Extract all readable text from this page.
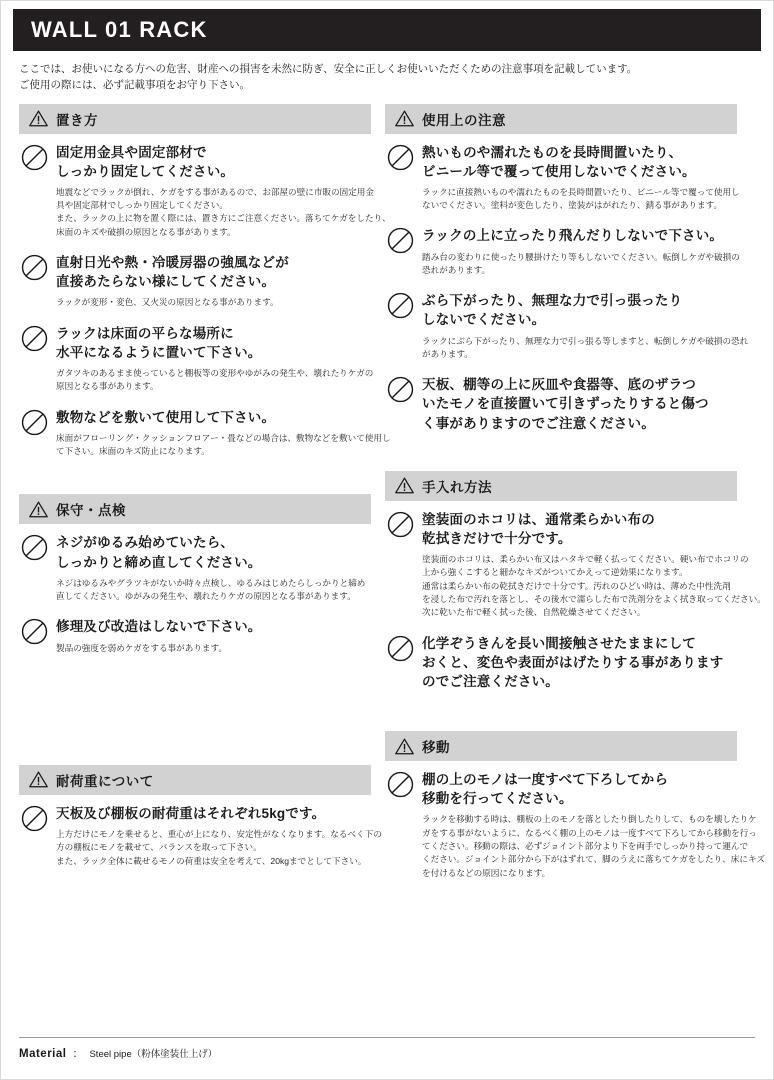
WALL 01 RACK
ここでは、お使いになる方への危害、財産への損害を未然に防ぎ、安全に正しくお使いいただくための注意事項を記載しています。
ご使用の際には、必ず記載事項をお守り下さい。
置き方
固定用金具や固定部材で
しっかり固定してください。
地震などでラックが倒れ、ケガをする事があるので、お部屋の壁に市販の固定用金
具や固定部材でしっかり固定してください。
また、ラックの上に物を置く際には、置き方にご注意ください。落ちてケガをしたり、
床面のキズや破損の原因となる事があります。
直射日光や熱・冷暖房器の強風などが
直接あたらない様にしてください。
ラックが変形・変色、又火災の原因となる事があります。
ラックは床面の平らな場所に
水平になるように置いて下さい。
ガタツキのあるまま使っていると棚板等の変形やゆがみの発生や、壊れたりケガの
原因となる事があります。
敷物などを敷いて使用して下さい。
床面がフローリング・クッションフロアー・畳などの場合は、敷物などを敷いて使用し
て下さい。床面のキズ防止になります。
保守・点検
ネジがゆるみ始めていたら、
しっかりと締め直してください。
ネジはゆるみやグラツキがないか時々点検し、ゆるみはじめたらしっかりと締め
直してください。ゆがみの発生や、壊れたりケガの原因となる事があります。
修理及び改造はしないで下さい。
製品の強度を弱めケガをする事があります。
耐荷重について
天板及び棚板の耐荷重はそれぞれ5kgです。
上方だけにモノを乗せると、重心が上になり、安定性がなくなります。なるべく下の
方の棚板にモノを載せて、バランスを取って下さい。
また、ラック全体に載せるモノの荷重は安全を考えて、20kgまでとして下さい。
使用上の注意
熱いものや濡れたものを長時間置いたり、
ビニール等で覆って使用しないでください。
ラックに直接熱いものや濡れたものを長時間置いたり、ビニール等で覆って使用し
ないでください。塗料が変色したり、塗装がはがれたり、錆る事があります。
ラックの上に立ったり飛んだりしないで下さい。
踏み台の変わりに使ったり腰掛けたり等もしないでください。転倒しケガや破損の
恐れがあります。
ぶら下がったり、無理な力で引っ張ったり
しないでください。
ラックにぶら下がったり、無理な力で引っ張る等しますと、転倒しケガや破損の恐れ
があります。
天板、棚等の上に灰皿や食器等、底のザラつ
いたモノを直接置いて引きずったりすると傷つ
く事がありますのでご注意ください。
手入れ方法
塗装面のホコリは、通常柔らかい布の
乾拭きだけで十分です。
塗装面のホコリは、柔らかい布又はハタキで軽く払ってください。硬い布でホコリの
上から強くこすると細かなキズがついてかえって逆効果になります。
通常は柔らかい布の乾拭きだけで十分です。汚れのひどい時は、薄めた中性洗剤
を浸した布で汚れを落とし、その後水で濡らした布で洗剤分をよく拭き取ってください。
次に乾いた布で軽く拭った後、自然乾燥させてください。
化学ぞうきんを長い間接触させたままにして
おくと、変色や表面がはげたりする事があります
のでご注意ください。
移動
棚の上のモノは一度すべて下ろしてから
移動を行ってください。
ラックを移動する時は、棚板の上のモノを落としたり倒したりして、ものを壊したりケ
ガをする事がないように、なるべく棚の上のモノは一度すべて下ろしてから移動を行っ
てください。移動の際は、必ずジョイント部分より下を両手でしっかり持って運んで
ください。ジョイント部分から下がはずれて、脚のうえに落ちてケガをしたり、床にキズ
を付けるなどの原因になります。
Material ： Steel pipe（粉体塗装仕上げ）
